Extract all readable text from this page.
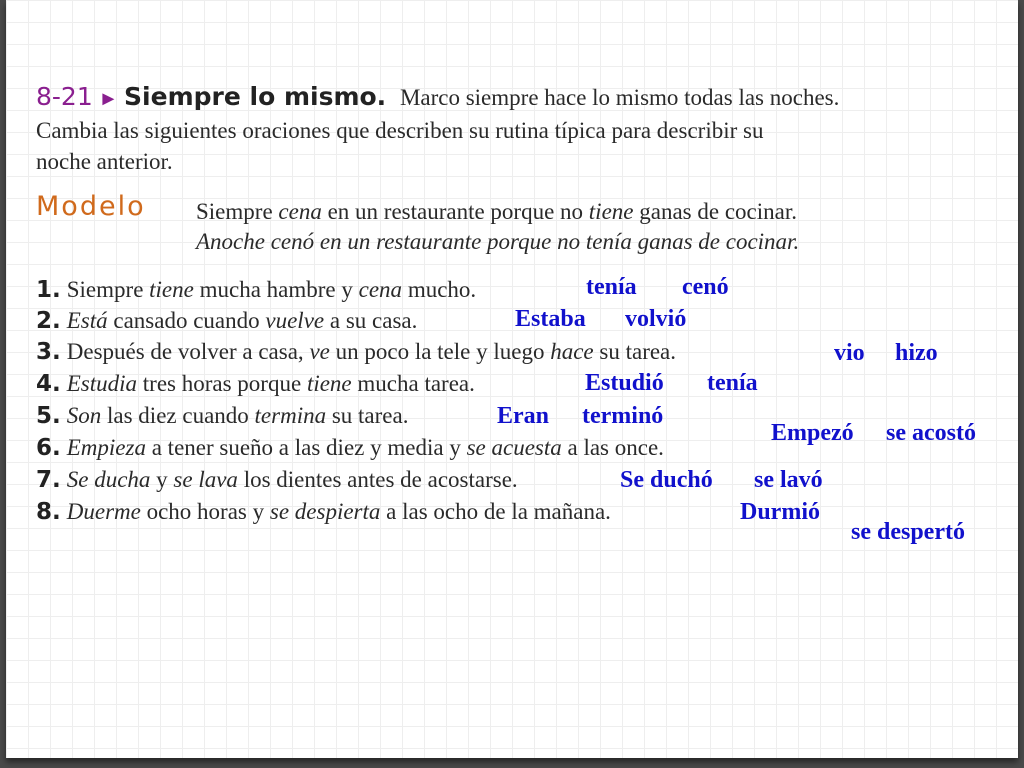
8-21 ► Siempre lo mismo. Marco siempre hace lo mismo todas las noches.
Cambia las siguientes oraciones que describen su rutina típica para describir su
noche anterior.
Modelo Siempre cena en un restaurante porque no tiene ganas de cocinar.
Anoche cenó en un restaurante porque no tenía ganas de cocinar.
1. Siempre tiene mucha hambre y cena mucho.
2. Está cansado cuando vuelve a su casa.
3. Después de volver a casa, ve un poco la tele y luego hace su tarea.
4. Estudia tres horas porque tiene mucha tarea.
5. Son las diez cuando termina su tarea.
6. Empieza a tener sueño a las diez y media y se acuesta a las once.
7. Se ducha y se lava los dientes antes de acostarse.
8. Duerme ocho horas y se despierta a las ocho de la mañana.
tenía cenó
Estaba volvió
vio hizo
Estudió tenía
Eran terminó
Empezó se acostó
Se duchó se lavó
Durmió
se despertó
